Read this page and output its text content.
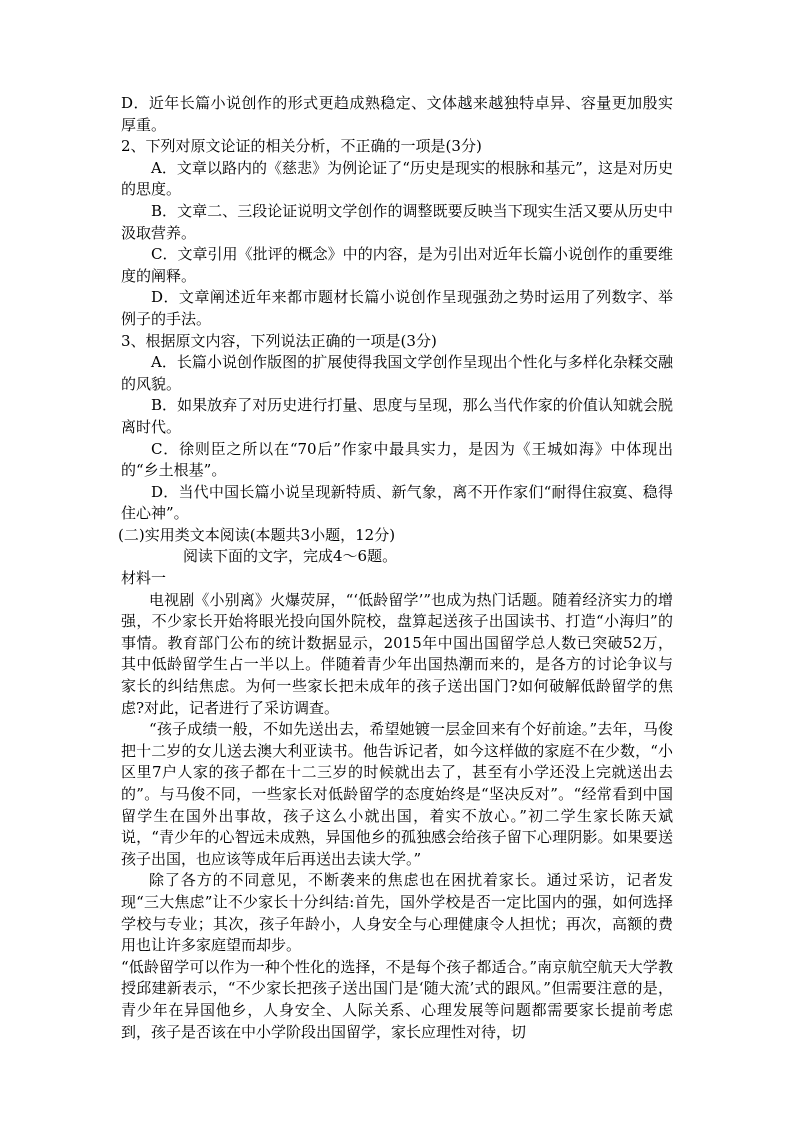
D．近年长篇小说创作的形式更趋成熟稳定、文体越来越独特卓异、容量更加殷实厚重。

2、下列对原文论证的相关分析，不正确的一项是(3分)

A．文章以路内的《慈悲》为例论证了“历史是现实的根脉和基元”，这是对历史的思度。

B．文章二、三段论证说明文学创作的调整既要反映当下现实生活又要从历史中汲取营养。

C．文章引用《批评的概念》中的内容，是为引出对近年长篇小说创作的重要维度的阐释。

D．文章阐述近年来都市题材长篇小说创作呈现强劲之势时运用了列数字、举例子的手法。

3、根据原文内容，下列说法正确的一项是(3分)

A．长篇小说创作版图的扩展使得我国文学创作呈现出个性化与多样化杂糅交融的风貌。

B．如果放弃了对历史进行打量、思度与呈现，那么当代作家的价值认知就会脱离时代。

C．徐则臣之所以在“70后”作家中最具实力，是因为《王城如海》中体现出的“乡土根基”。

D．当代中国长篇小说呈现新特质、新气象，离不开作家们“耐得住寂寞、稳得住心神”。

(二)实用类文本阅读(本题共3小题，12分)

阅读下面的文字，完成4～6题。

材料一

电视剧《小别离》火爆荧屏，“‘低龄留学’”也成为热门话题。随着经济实力的增强，不少家长开始将眼光投向国外院校，盘算起送孩子出国读书、打造“小海归”的事情。教育部门公布的统计数据显示，2015年中国出国留学总人数已突破52万，其中低龄留学生占一半以上。伴随着青少年出国热潮而来的，是各方的讨论争议与家长的纠结焦虑。为何一些家长把未成年的孩子送出国门?如何破解低龄留学的焦虑?对此，记者进行了采访调查。

“孩子成绩一般，不如先送出去，希望她镀一层金回来有个好前途。”去年，马俊把十二岁的女儿送去澳大利亚读书。他告诉记者，如今这样做的家庭不在少数，“小区里7户人家的孩子都在十二三岁的时候就出去了，甚至有小学还没上完就送出去的”。与马俊不同，一些家长对低龄留学的态度始终是“坚决反对”。“经常看到中国留学生在国外出事故，孩子这么小就出国，着实不放心。”初二学生家长陈天斌说，“青少年的心智远未成熟，异国他乡的孤独感会给孩子留下心理阴影。如果要送孩子出国，也应该等成年后再送出去读大学。”

除了各方的不同意见，不断袭来的焦虑也在困扰着家长。通过采访，记者发现“三大焦虑”让不少家长十分纠结:首先，国外学校是否一定比国内的强，如何选择学校与专业；其次，孩子年龄小，人身安全与心理健康令人担忧；再次，高额的费用也让许多家庭望而却步。

“低龄留学可以作为一种个性化的选择，不是每个孩子都适合。”南京航空航天大学教授邱建新表示，“不少家长把孩子送出国门是‘随大流’式的跟风。”但需要注意的是，青少年在异国他乡，人身安全、人际关系、心理发展等问题都需要家长提前考虑到，孩子是否该在中小学阶段出国留学，家长应理性对待，切
